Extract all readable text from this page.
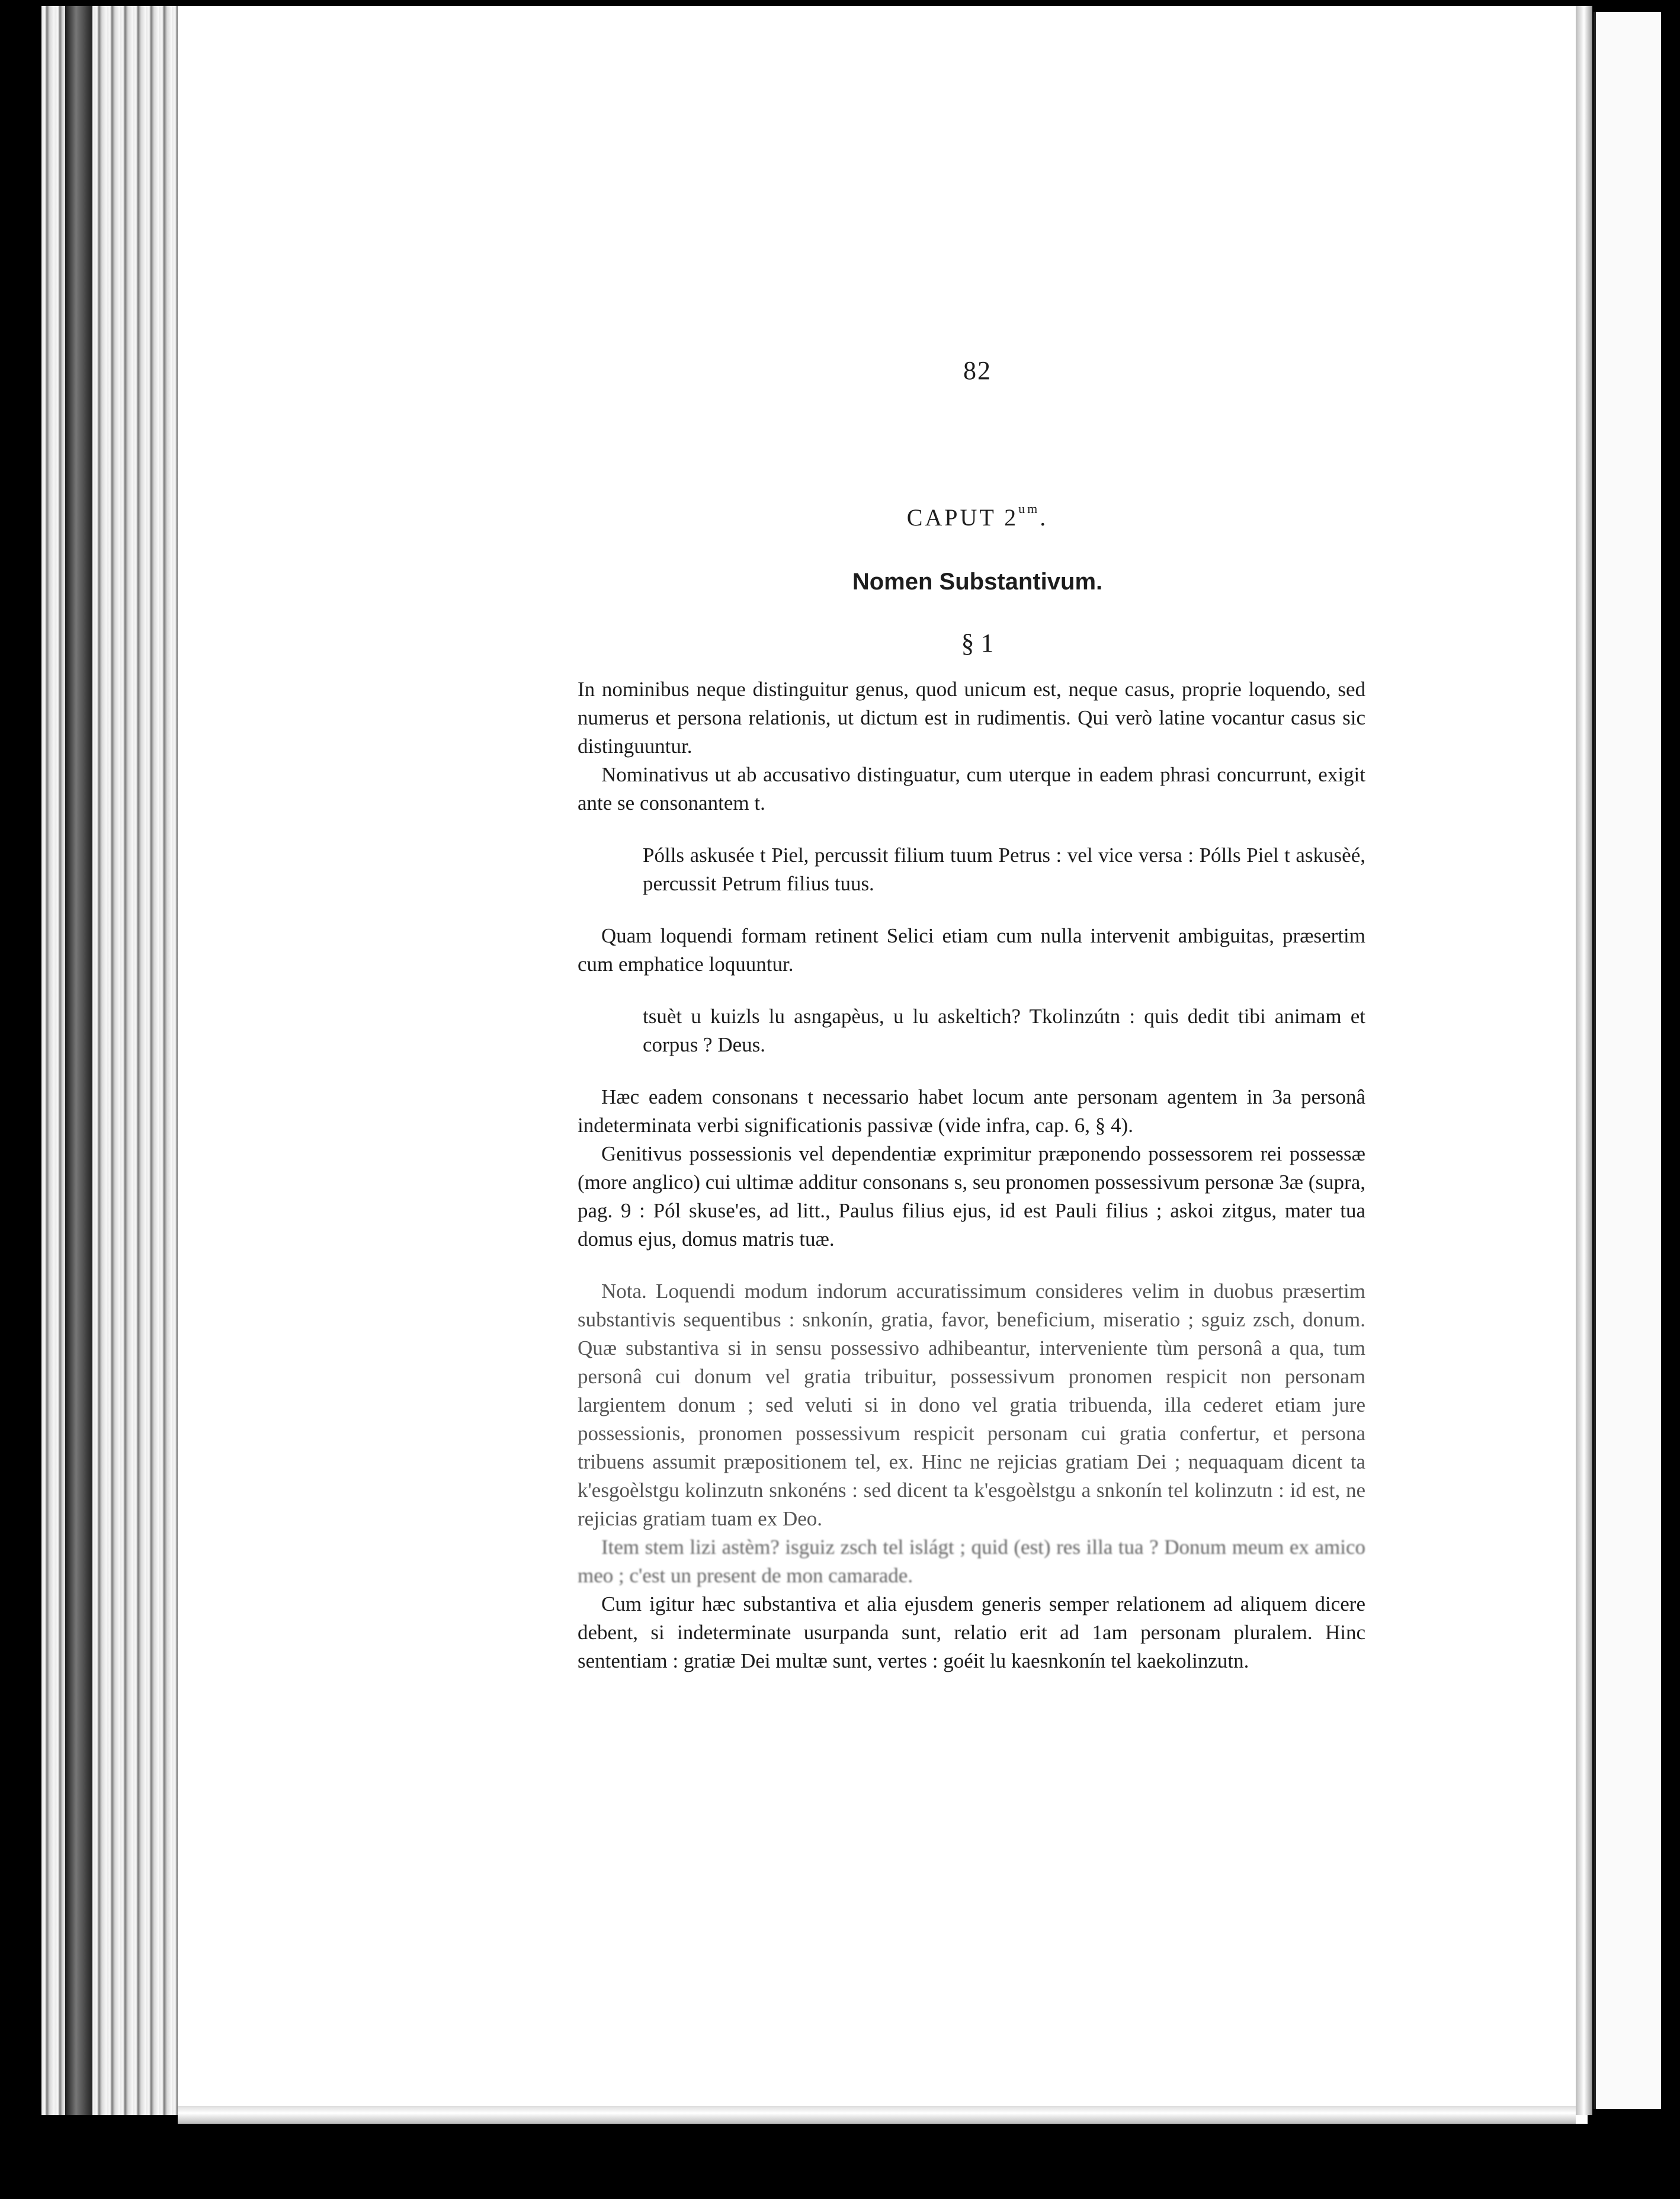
82
CAPUT $2^{um}$.
Nomen Substantivum.
§ 1

In nominibus neque distinguitur genus, quod unicum est, neque casus, proprie loquendo, sed numerus et persona relationis, ut dictum est in rudimentis. Qui verò latine vocantur casus sic distinguuntur.

Nominativus ut ab accusativo distinguatur, cum uterque in eadem phrasi concurrunt, exigit ante se consonantem t.

Pólls askusée t Piel, percussit filium tuum Petrus : vel vice versa : Pólls Piel t askusèé, percussit Petrum filius tuus.

Quam loquendi formam retinent Selici etiam cum nulla intervenit ambiguitas, præsertim cum emphatice loquuntur.

tsuèt u kuizls lu asngapèus, u lu askeltich? Tkolinzútn : quis dedit tibi animam et corpus ? Deus.

Hæc eadem consonans t necessario habet locum ante personam agentem in 3a personâ indeterminata verbi significationis passivæ (vide infra, cap. 6, § 4).

Genitivus possessionis vel dependentiæ exprimitur præponendo possessorem rei possessæ (more anglico) cui ultimæ additur consonans s, seu pronomen possessivum personæ 3æ (supra, pag. 9 : Pól skuse'es, ad litt., Paulus filius ejus, id est Pauli filius ; askoi zitgus, mater tua domus ejus, domus matris tuæ.

Nota. Loquendi modum indorum accuratissimum consideres velim in duobus præsertim substantivis sequentibus : snkonín, gratia, favor, beneficium, miseratio ; sguiz zsch, donum. Quæ substantiva si in sensu possessivo adhibeantur, interveniente tùm personâ a qua, tum personâ cui donum vel gratia tribuitur, possessivum pronomen respicit non personam largientem donum ; sed veluti si in dono vel gratia tribuenda, illa cederet etiam jure possessionis, pronomen possessivum respicit personam cui gratia confertur, et persona tribuens assumit præpositionem tel, ex. Hinc ne rejicias gratiam Dei ; nequaquam dicent ta k'esgoèlstgu kolinzutn snkonéns : sed dicent ta k'esgoèlstgu a snkonín tel kolinzutn : id est, ne rejicias gratiam tuam ex Deo.

Item stem lizi astèm? isguiz zsch tel islágt ; quid (est) res illa tua ? Donum meum ex amico meo ; c'est un present de mon camarade.

Cum igitur hæc substantiva et alia ejusdem generis semper relationem ad aliquem dicere debent, si indeterminate usurpanda sunt, relatio erit ad 1am personam pluralem. Hinc sententiam : gratiæ Dei multæ sunt, vertes : goéit lu kaesnkonín tel kaekolinzutn.
